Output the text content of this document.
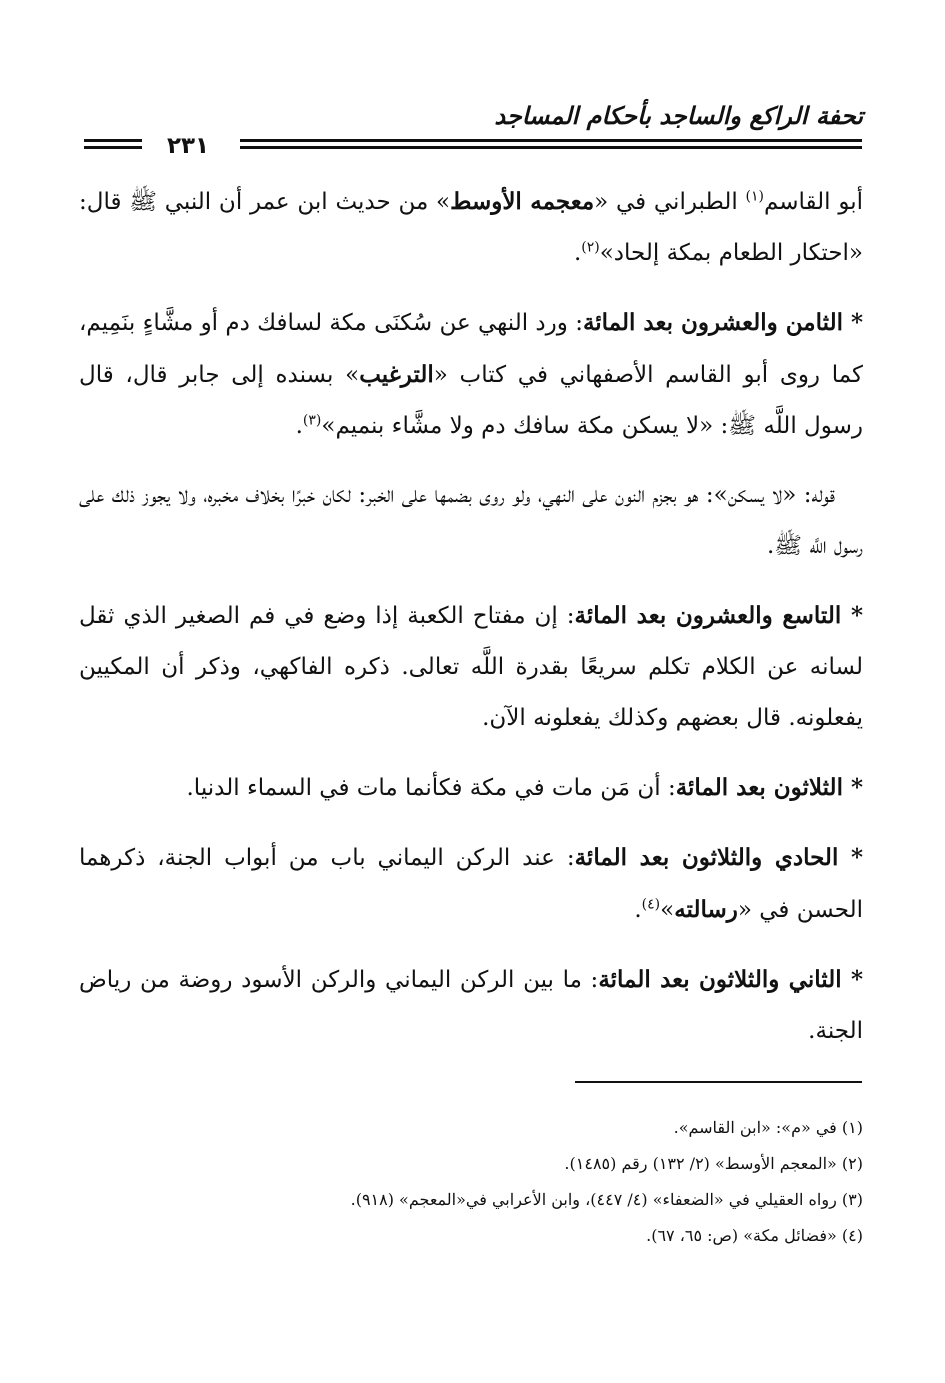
تحفة الراكع والساجد بأحكام المساجد
٢٣١

أبو القاسم$^{(١)}$ الطبراني في «معجمه الأوسط» من حديث ابن عمر أن النبي ﷺ قال: «احتكار الطعام بمكة إلحاد»$^{(٢)}$.

* الثامن والعشرون بعد المائة: ورد النهي عن سُكنَى مكة لسافك دم أو مشَّاءٍ بنَمِيم، كما روى أبو القاسم الأصفهاني في كتاب «الترغيب» بسنده إلى جابر قال، قال رسول اللَّه ﷺ: «لا يسكن مكة سافك دم ولا مشَّاء بنميم»$^{(٣)}$.

قوله: «لا يسكن»: هو بجزم النون على النهي، ولو روى بضمها على الخبر: لكان خبرًا بخلاف مخبره، ولا يجوز ذلك على رسول اللَّه ﷺ.

* التاسع والعشرون بعد المائة: إن مفتاح الكعبة إذا وضع في فم الصغير الذي ثقل لسانه عن الكلام تكلم سريعًا بقدرة اللَّه تعالى. ذكره الفاكهي، وذكر أن المكيين يفعلونه. قال بعضهم وكذلك يفعلونه الآن.

* الثلاثون بعد المائة: أن مَن مات في مكة فكأنما مات في السماء الدنيا.

* الحادي والثلاثون بعد المائة: عند الركن اليماني باب من أبواب الجنة، ذكرهما الحسن في «رسالته»$^{(٤)}$.

* الثاني والثلاثون بعد المائة: ما بين الركن اليماني والركن الأسود روضة من رياض الجنة.

(١) في «م»: «ابن القاسم».

(٢) «المعجم الأوسط» (٢/ ١٣٢) رقم (١٤٨٥).

(٣) رواه العقيلي في «الضعفاء» (٤/ ٤٤٧)، وابن الأعرابي في«المعجم» (٩١٨).

(٤) «فضائل مكة» (ص: ٦٥، ٦٧).
